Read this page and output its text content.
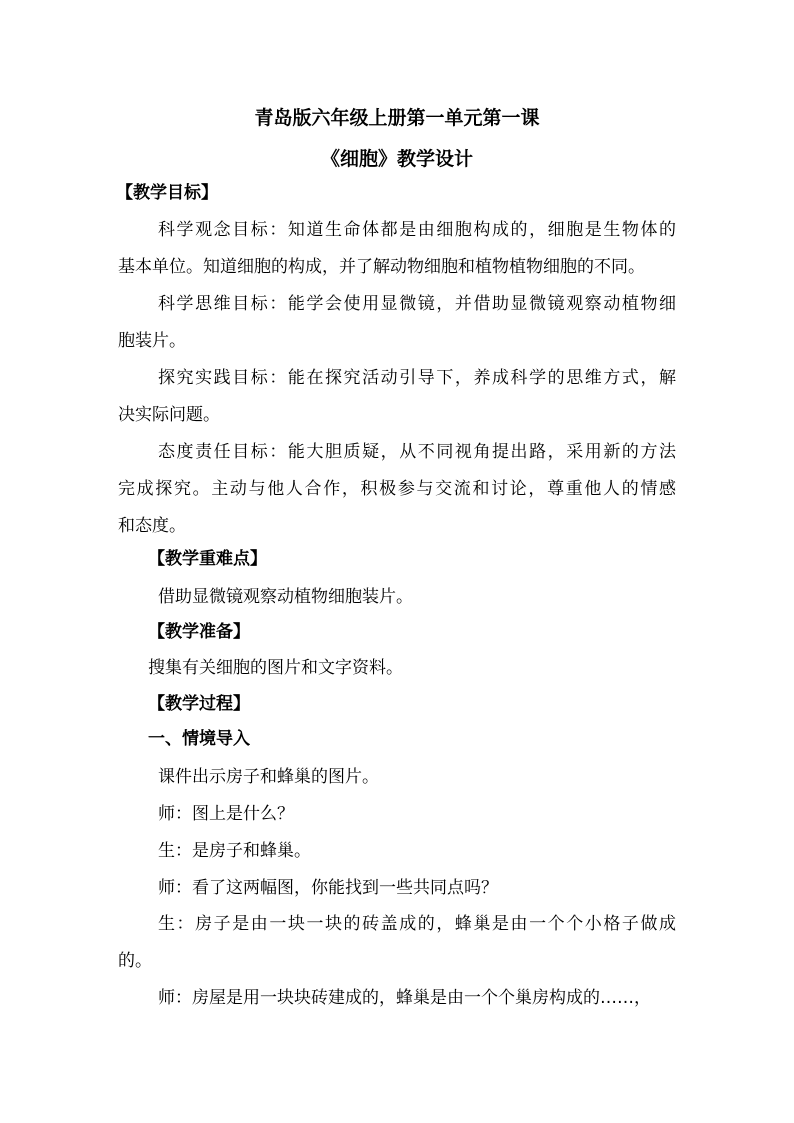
青岛版六年级上册第一单元第一课
《细胞》教学设计
【教学目标】
科学观念目标：知道生命体都是由细胞构成的，细胞是生物体的
基本单位。知道细胞的构成，并了解动物细胞和植物植物细胞的不同。
科学思维目标：能学会使用显微镜，并借助显微镜观察动植物细
胞装片。
探究实践目标：能在探究活动引导下，养成科学的思维方式，解
决实际问题。
态度责任目标：能大胆质疑，从不同视角提出路，采用新的方法
完成探究。主动与他人合作，积极参与交流和讨论，尊重他人的情感
和态度。
【教学重难点】
借助显微镜观察动植物细胞装片。
【教学准备】
搜集有关细胞的图片和文字资料。
【教学过程】
一、情境导入
课件出示房子和蜂巢的图片。
师：图上是什么？
生：是房子和蜂巢。
师：看了这两幅图，你能找到一些共同点吗？
生：房子是由一块一块的砖盖成的，蜂巢是由一个个小格子做成
的。
师：房屋是用一块块砖建成的，蜂巢是由一个个巢房构成的……，
